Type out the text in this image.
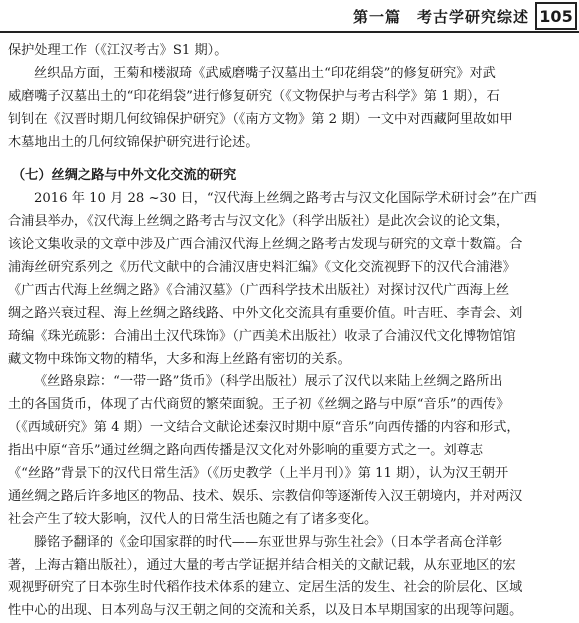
第一篇　考古学研究综述 105
保护处理工作（《江汉考古》S1 期）。
丝织品方面，王菊和楼淑琦《武威磨嘴子汉墓出土“印花绢袋”的修复研究》对武
威磨嘴子汉墓出土的“印花绢袋”进行修复研究（《文物保护与考古科学》第 1 期），石
钊钊在《汉晋时期几何纹锦保护研究》（《南方文物》第 2 期）一文中对西藏阿里故如甲
木墓地出土的几何纹锦保护研究进行论述。
（七）丝绸之路与中外文化交流的研究
2016 年 10 月 28 ~30 日，“汉代海上丝绸之路考古与汉文化国际学术研讨会”在广西
合浦县举办，《汉代海上丝绸之路考古与汉文化》（科学出版社）是此次会议的论文集，
该论文集收录的文章中涉及广西合浦汉代海上丝绸之路考古发现与研究的文章十数篇。合
浦海丝研究系列之《历代文献中的合浦汉唐史料汇编》《文化交流视野下的汉代合浦港》
《广西古代海上丝绸之路》《合浦汉墓》（广西科学技术出版社）对探讨汉代广西海上丝
绸之路兴衰过程、海上丝绸之路线路、中外文化交流具有重要价值。叶吉旺、李青会、刘
琦编《珠光疏影：合浦出土汉代珠饰》（广西美术出版社）收录了合浦汉代文化博物馆馆
藏文物中珠饰文物的精华，大多和海上丝路有密切的关系。
《丝路泉踪：“一带一路”货币》（科学出版社）展示了汉代以来陆上丝绸之路所出
土的各国货币，体现了古代商贸的繁荣面貌。王子初《丝绸之路与中原“音乐”的西传》
（《西域研究》第 4 期）一文结合文献论述秦汉时期中原“音乐”向西传播的内容和形式，
指出中原“音乐”通过丝绸之路向西传播是汉文化对外影响的重要方式之一。刘尊志
《“丝路”背景下的汉代日常生活》（《历史教学（上半月刊）》第 11 期），认为汉王朝开
通丝绸之路后许多地区的物品、技术、娱乐、宗教信仰等逐渐传入汉王朝境内，并对两汉
社会产生了较大影响，汉代人的日常生活也随之有了诸多变化。
滕铭予翻译的《金印国家群的时代——东亚世界与弥生社会》（日本学者高仓洋彰
著，上海古籍出版社），通过大量的考古学证据并结合相关的文献记载，从东亚地区的宏
观视野研究了日本弥生时代稻作技术体系的建立、定居生活的发生、社会的阶层化、区域
性中心的出现、日本列岛与汉王朝之间的交流和关系，以及日本早期国家的出现等问题。
